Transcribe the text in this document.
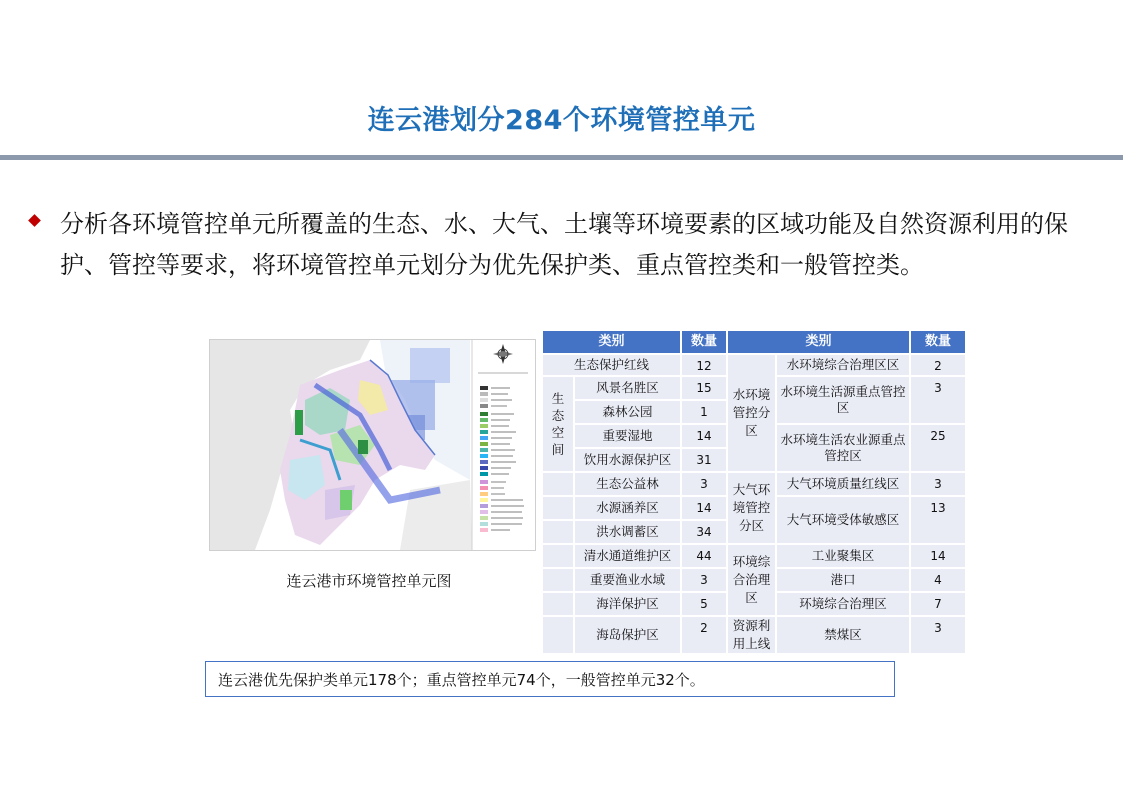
连云港划分284个环境管控单元
分析各环境管控单元所覆盖的生态、水、大气、土壤等环境要素的区域功能及自然资源利用的保护、管控等要求，将环境管控单元划分为优先保护类、重点管控类和一般管控类。
连云港市环境管控单元图
类别		数量	类别		数量
生态保护红线		12	水环境管控分区	水环境综合治理区区	2
生态空间	风景名胜区	15		水环境生活源重点管控区	3
	森林公园	1			
	重要湿地	14		水环境生活农业源重点管控区	25
	饮用水源保护区	31			
	生态公益林	3	大气环境管控分区	大气环境质量红线区	3
	水源涵养区	14		大气环境受体敏感区	13
	洪水调蓄区	34			
	清水通道维护区	44	环境综合治理区	工业聚集区	14
	重要渔业水域	3		港口	4
	海洋保护区	5		环境综合治理区	7
	海岛保护区	2	资源利用上线	禁煤区	3
连云港优先保护类单元178个；重点管控单元74个，一般管控单元32个。
